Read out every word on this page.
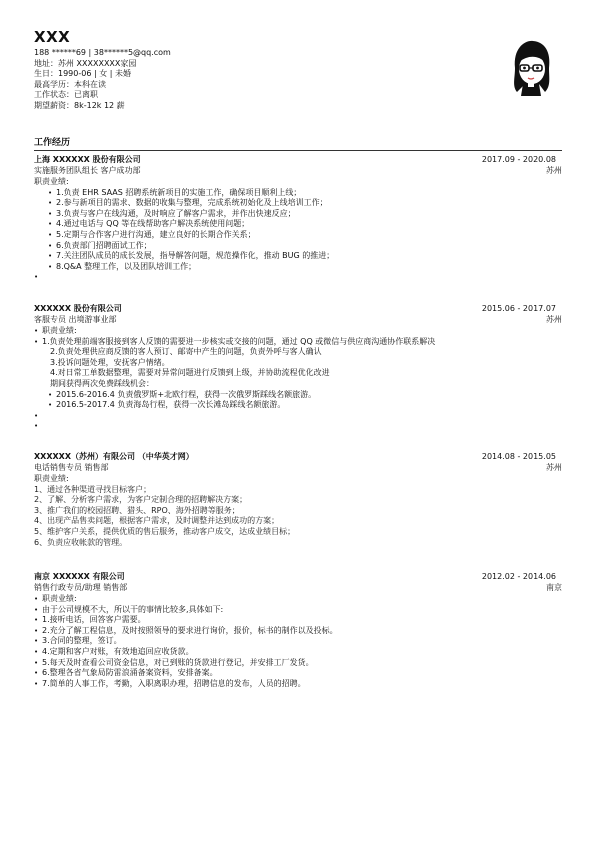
XXX
188 ******69 | 38******5@qq.com
地址：苏州 XXXXXXXX家园
生日：1990-06 | 女 | 未婚
最高学历：本科在读
工作状态：已离职
期望薪资：8k-12k 12 薪
工作经历
上海 XXXXXX 股份有限公司	2017.09 - 2020.08
实施服务团队组长 客户成功部	苏州
职责业绩:
• 1.负责 EHR SAAS 招聘系统新项目的实施工作，确保项目顺利上线；
• 2.参与新项目的需求、数据的收集与整理，完成系统初始化及上线培训工作；
• 3.负责与客户在线沟通，及时响应了解客户需求，并作出快速反应；
• 4.通过电话与 QQ 等在线帮助客户解决系统使用问题；
• 5.定期与合作客户进行沟通，建立良好的长期合作关系；
• 6.负责部门招聘面试工作；
• 7.关注团队成员的成长发展，指导解答问题，规范操作化，推动 BUG 的推进；
• 8.Q&A 整理工作，以及团队培训工作；
•
XXXXXX 股份有限公司	2015.06 - 2017.07
客服专员 出境游事业部	苏州
• 职责业绩:
• 1.负责处理前端客服接到客人反馈的需要进一步核实或交接的问题，通过 QQ 或微信与供应商沟通协作联系解决
2.负责处理供应商反馈的客人预订、邮寄中产生的问题，负责外呼与客人确认
3.投诉问题处理，安抚客户情绪。
4.对日常工单数据整理，需要对异常问题进行反馈到上级，并协助流程优化改进
期间获得两次免费踩线机会：
• 2015.6-2016.4 负责俄罗斯+北欧行程，获得一次俄罗斯踩线名额旅游。
• 2016.5-2017.4 负责海岛行程，获得一次长滩岛踩线名额旅游。
•
•
XXXXXX（苏州）有限公司 （中华英才网）	2014.08 - 2015.05
电话销售专员 销售部	苏州
职责业绩:
1、通过各种渠道寻找目标客户；
2、了解、分析客户需求，为客户定制合理的招聘解决方案；
3、推广我们的校园招聘、猎头、RPO、海外招聘等服务；
4、出现产品售卖问题，根据客户需求，及时调整并达到成功的方案；
5、维护客户关系，提供优质的售后服务，推动客户成交，达成业绩目标；
6、负责应收帐款的管理。
南京 XXXXXX 有限公司	2012.02 - 2014.06
销售行政专员/助理 销售部	南京
• 职责业绩:
• 由于公司规模不大，所以干的事情比较多,具体如下:
• 1.接听电话，回答客户需要。
• 2.充分了解工程信息，及时按照领导的要求进行询价，报价，标书的制作以及投标。
• 3.合同的整理，签订。
• 4.定期和客户对账，有效地追回应收货款。
• 5.每天及时查看公司资金信息，对已到账的货款进行登记，并安排工厂发货。
• 6.整理各省气象局防雷浪涌备案资料，安排备案。
• 7.简单的人事工作，考勤，入职离职办理，招聘信息的发布，人员的招聘。
